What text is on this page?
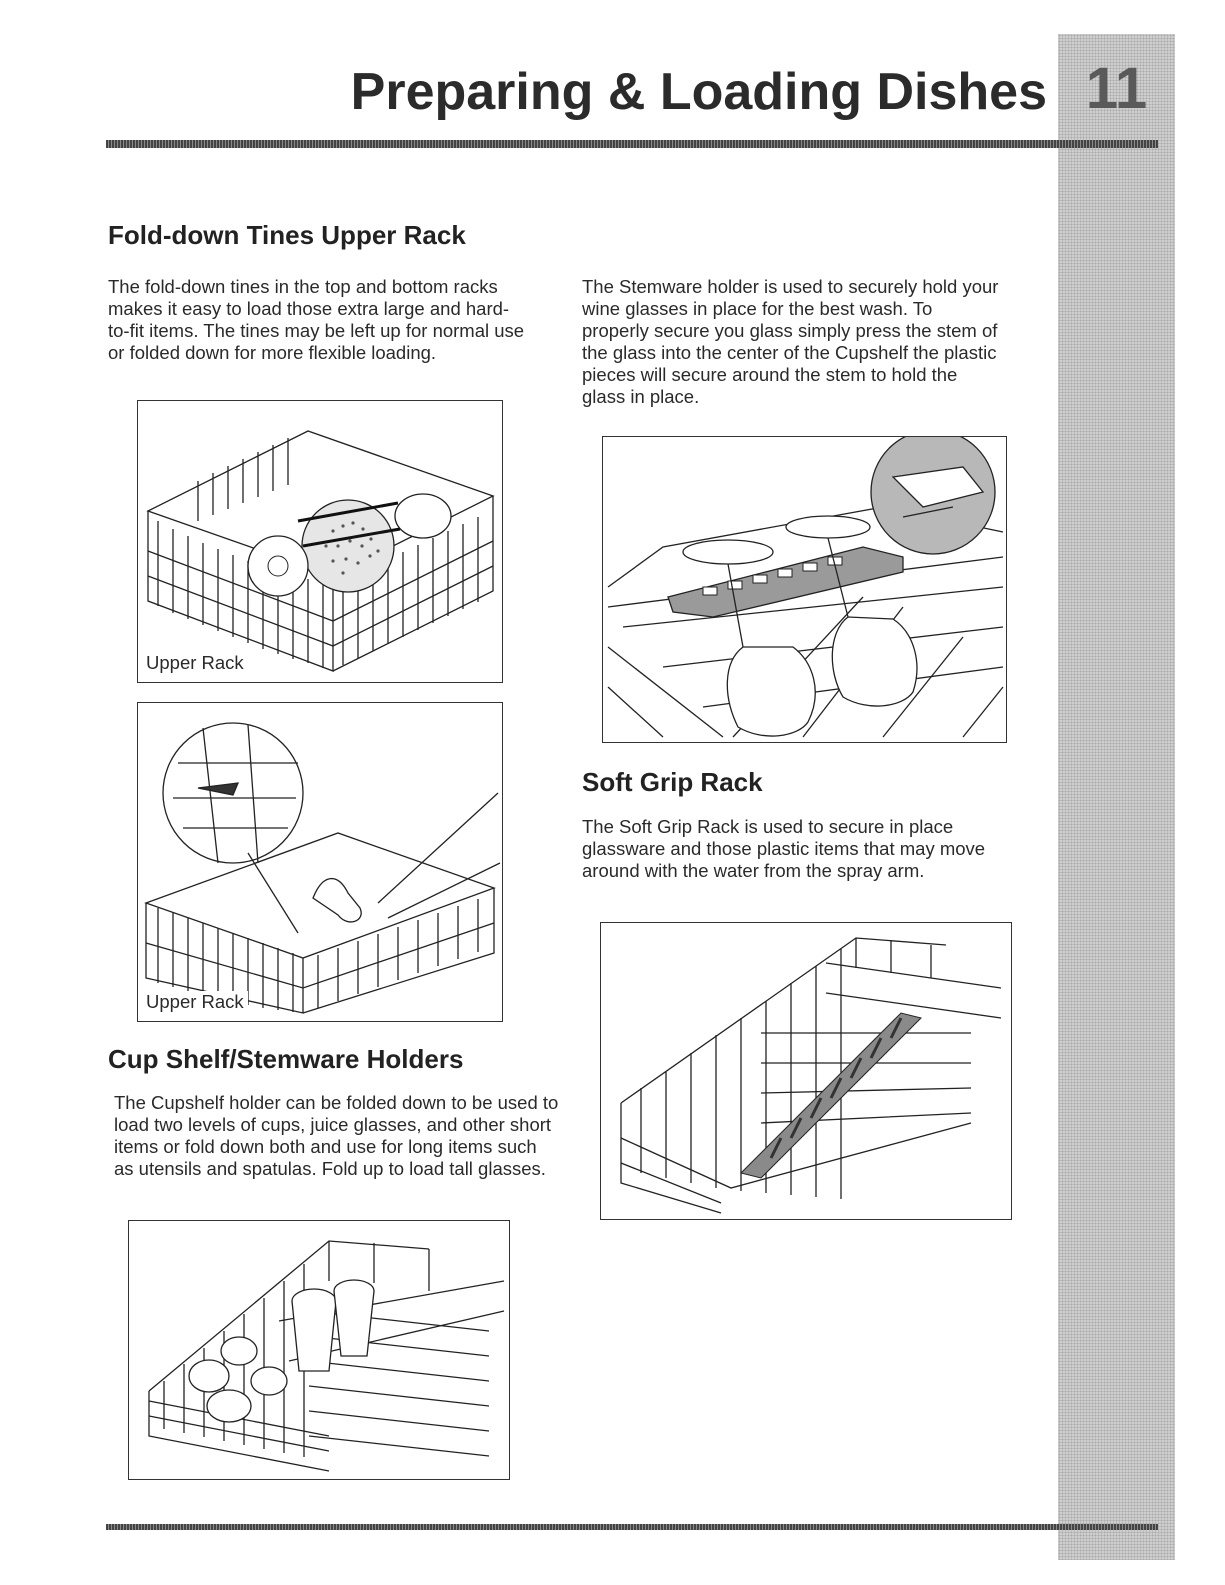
11
Preparing & Loading Dishes
Fold-down Tines Upper Rack

The fold-down tines in the top and bottom racks makes it easy to load those extra large and hard-to-fit items. The tines may be left up for normal use or folded down for more flexible loading.

Upper Rack
Upper Rack
Cup Shelf/Stemware Holders

The Cupshelf holder can be folded down to be used to load two levels of cups, juice glasses, and other short items or fold down both and use for long items such as utensils and spatulas. Fold up to load tall glasses.

The Stemware holder is used to securely hold your wine glasses in place for the best wash. To properly secure you glass simply press the stem of the glass into the center of the Cupshelf the plastic pieces will secure around the stem to hold the glass in place.

Soft Grip Rack

The Soft Grip Rack is used to secure in place glassware and those plastic items that may move around with the water from the spray arm.
